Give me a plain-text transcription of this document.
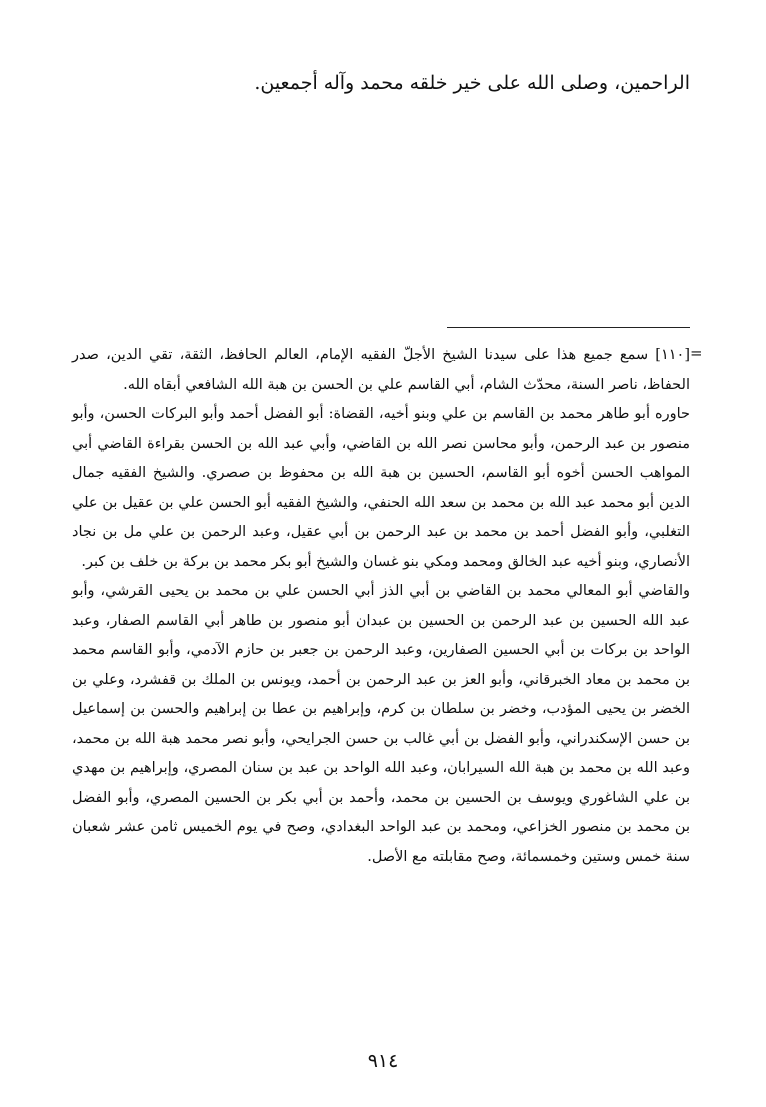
الراحمين، وصلى الله على خير خلقه محمد وآله أجمعين.

=

[١١٠] سمع جميع هذا على سيدنا الشيخ الأجلّ الفقيه الإمام، العالم الحافظ، الثقة، تقي الدين، صدر الحفاظ، ناصر السنة، محدّث الشام، أبي القاسم علي بن الحسن بن هبة الله الشافعي أبقاه الله.

حاوره أبو طاهر محمد بن القاسم بن علي وبنو أخيه، القضاة: أبو الفضل أحمد وأبو البركات الحسن، وأبو منصور بن عبد الرحمن، وأبو محاسن نصر الله بن القاضي، وأبي عبد الله بن الحسن بقراءة القاضي أبي المواهب الحسن أخوه أبو القاسم، الحسين بن هبة الله بن محفوظ بن صصري. والشيخ الفقيه جمال الدين أبو محمد عبد الله بن محمد بن سعد الله الحنفي، والشيخ الفقيه أبو الحسن علي بن عقيل بن علي التغلبي، وأبو الفضل أحمد بن محمد بن عبد الرحمن بن أبي عقيل، وعبد الرحمن بن علي مل بن نجاد الأنصاري، وبنو أخيه عبد الخالق ومحمد ومكي بنو غسان والشيخ أبو بكر محمد بن بركة بن خلف بن كبر.

والقاضي أبو المعالي محمد بن القاضي بن أبي الذز أبي الحسن علي بن محمد بن يحيى القرشي، وأبو عبد الله الحسين بن عبد الرحمن بن الحسين بن عبدان أبو منصور بن طاهر أبي القاسم الصفار، وعبد الواحد بن بركات بن أبي الحسين الصفارين، وعبد الرحمن بن جعبر بن حازم الآدمي، وأبو القاسم محمد بن محمد بن معاد الخبرقاني، وأبو العز بن عبد الرحمن بن أحمد، ويونس بن الملك بن قفشرد، وعلي بن الخضر بن يحيى المؤدب، وخضر بن سلطان بن كرم، وإبراهيم بن عطا بن إبراهيم والحسن بن إسماعيل بن حسن الإسكندراني، وأبو الفضل بن أبي غالب بن حسن الجرايحي، وأبو نصر محمد هبة الله بن محمد، وعبد الله بن محمد بن هبة الله السيرابان، وعبد الله الواحد بن عبد بن سنان المصري، وإبراهيم بن مهدي بن علي الشاغوري ويوسف بن الحسين بن محمد، وأحمد بن أبي بكر بن الحسين المصري، وأبو الفضل بن محمد بن منصور الخزاعي، ومحمد بن عبد الواحد البغدادي، وصح في يوم الخميس ثامن عشر شعبان سنة خمس وستين وخمسمائة، وصح مقابلته مع الأصل.

٩١٤
